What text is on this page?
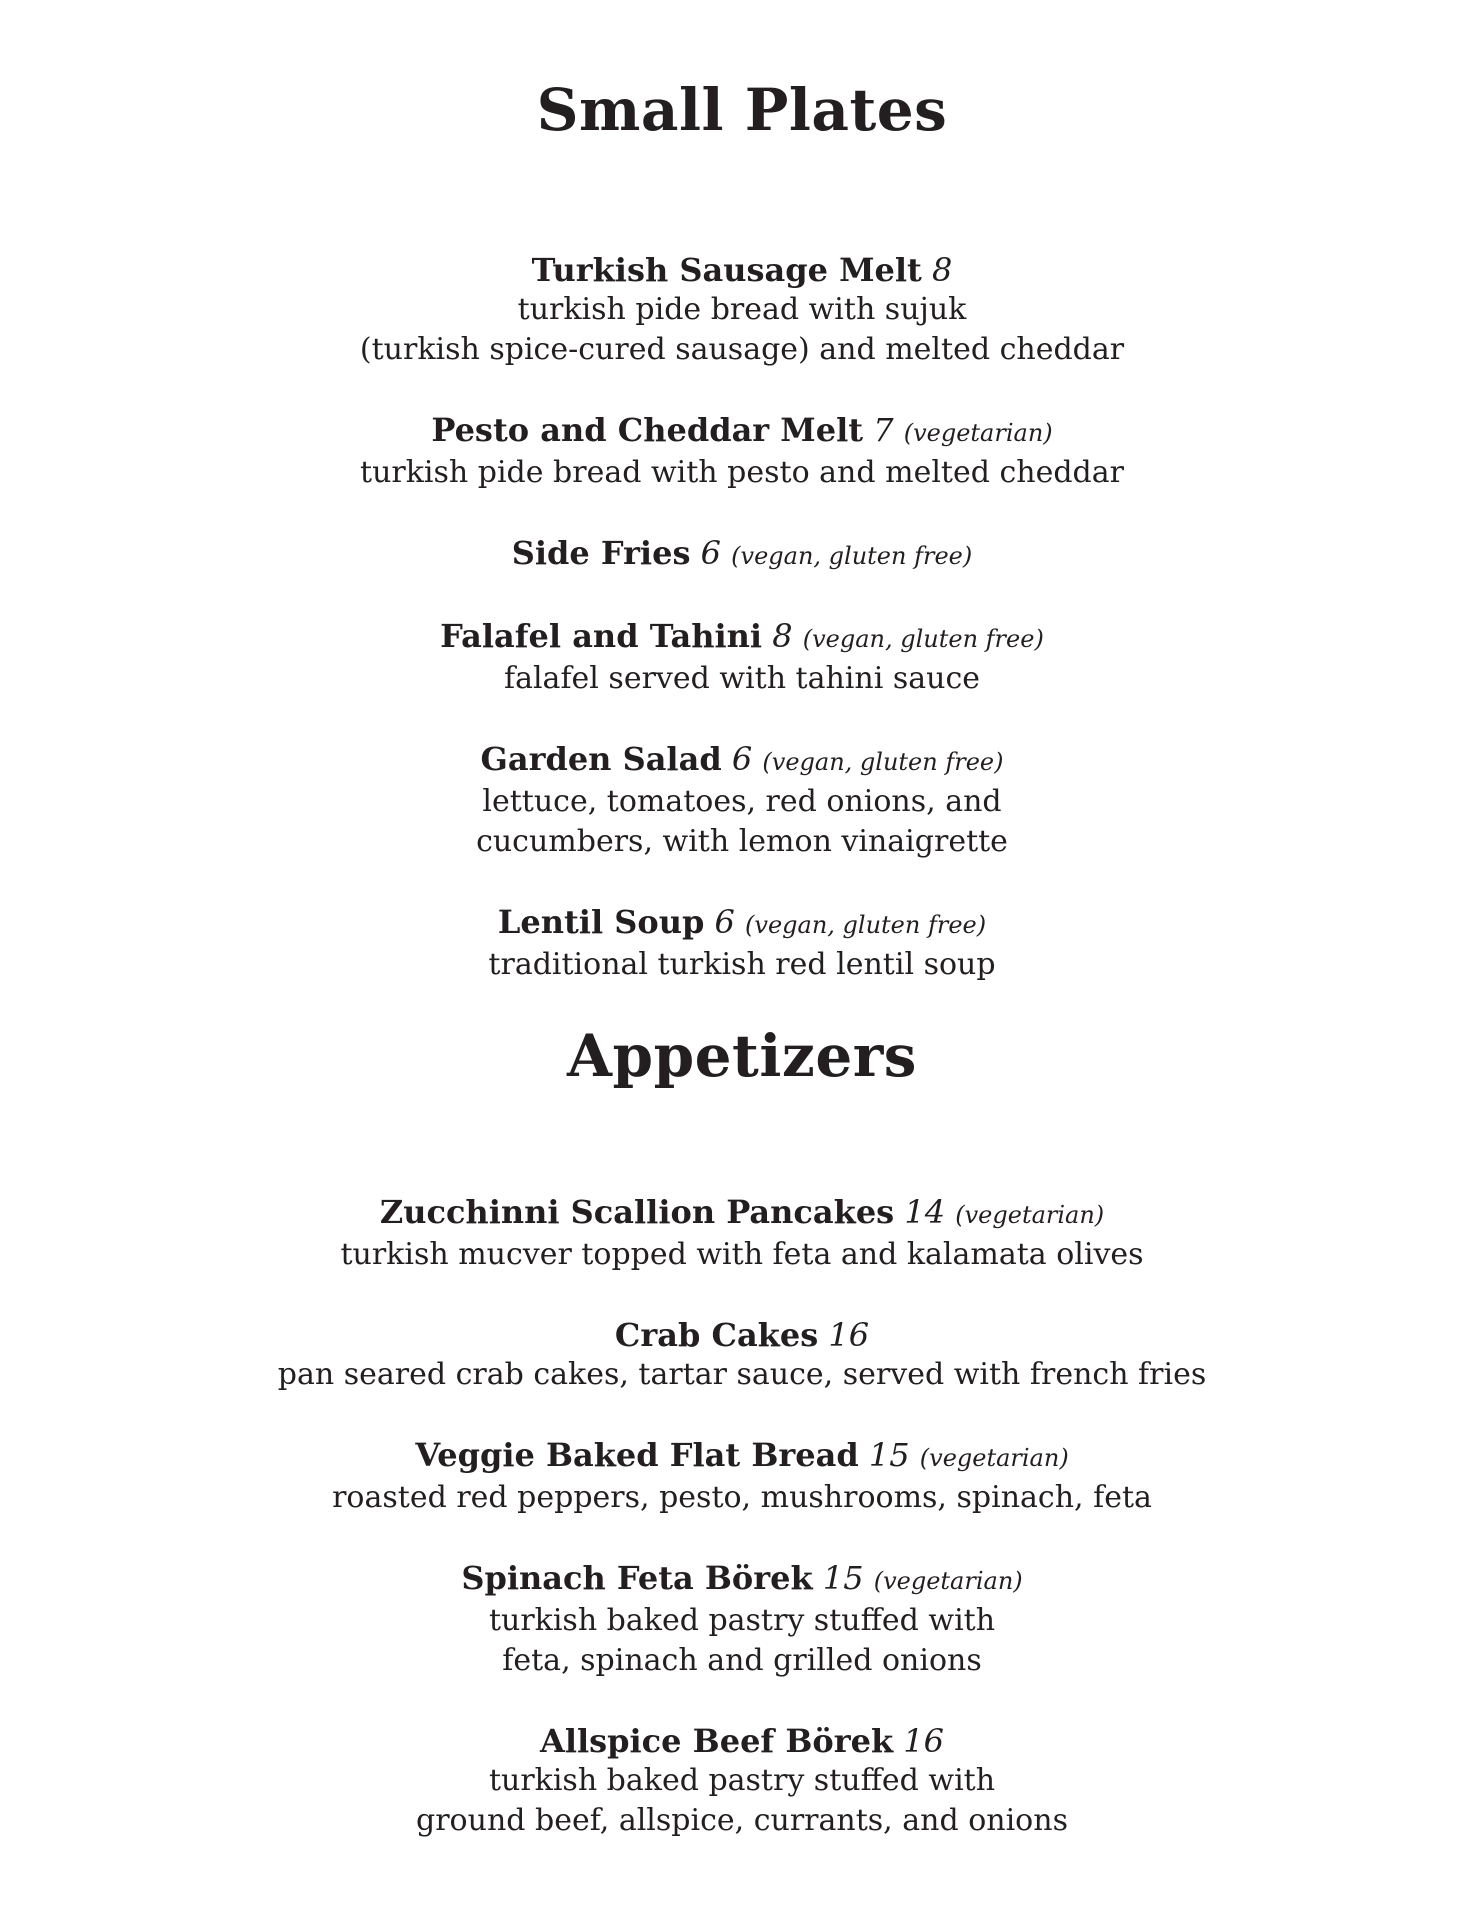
Small Plates
Turkish Sausage Melt 8
turkish pide bread with sujuk
(turkish spice-cured sausage) and melted cheddar
Pesto and Cheddar Melt 7 (vegetarian)
turkish pide bread with pesto and melted cheddar
Side Fries 6 (vegan, gluten free)
Falafel and Tahini 8 (vegan, gluten free)
falafel served with tahini sauce
Garden Salad 6 (vegan, gluten free)
lettuce, tomatoes, red onions, and
cucumbers, with lemon vinaigrette
Lentil Soup 6 (vegan, gluten free)
traditional turkish red lentil soup
Appetizers
Zucchinni Scallion Pancakes 14 (vegetarian)
turkish mucver topped with feta and kalamata olives
Crab Cakes 16
pan seared crab cakes, tartar sauce, served with french fries
Veggie Baked Flat Bread 15 (vegetarian)
roasted red peppers, pesto, mushrooms, spinach, feta
Spinach Feta Börek 15 (vegetarian)
turkish baked pastry stuffed with
feta, spinach and grilled onions
Allspice Beef Börek 16
turkish baked pastry stuffed with
ground beef, allspice, currants, and onions
